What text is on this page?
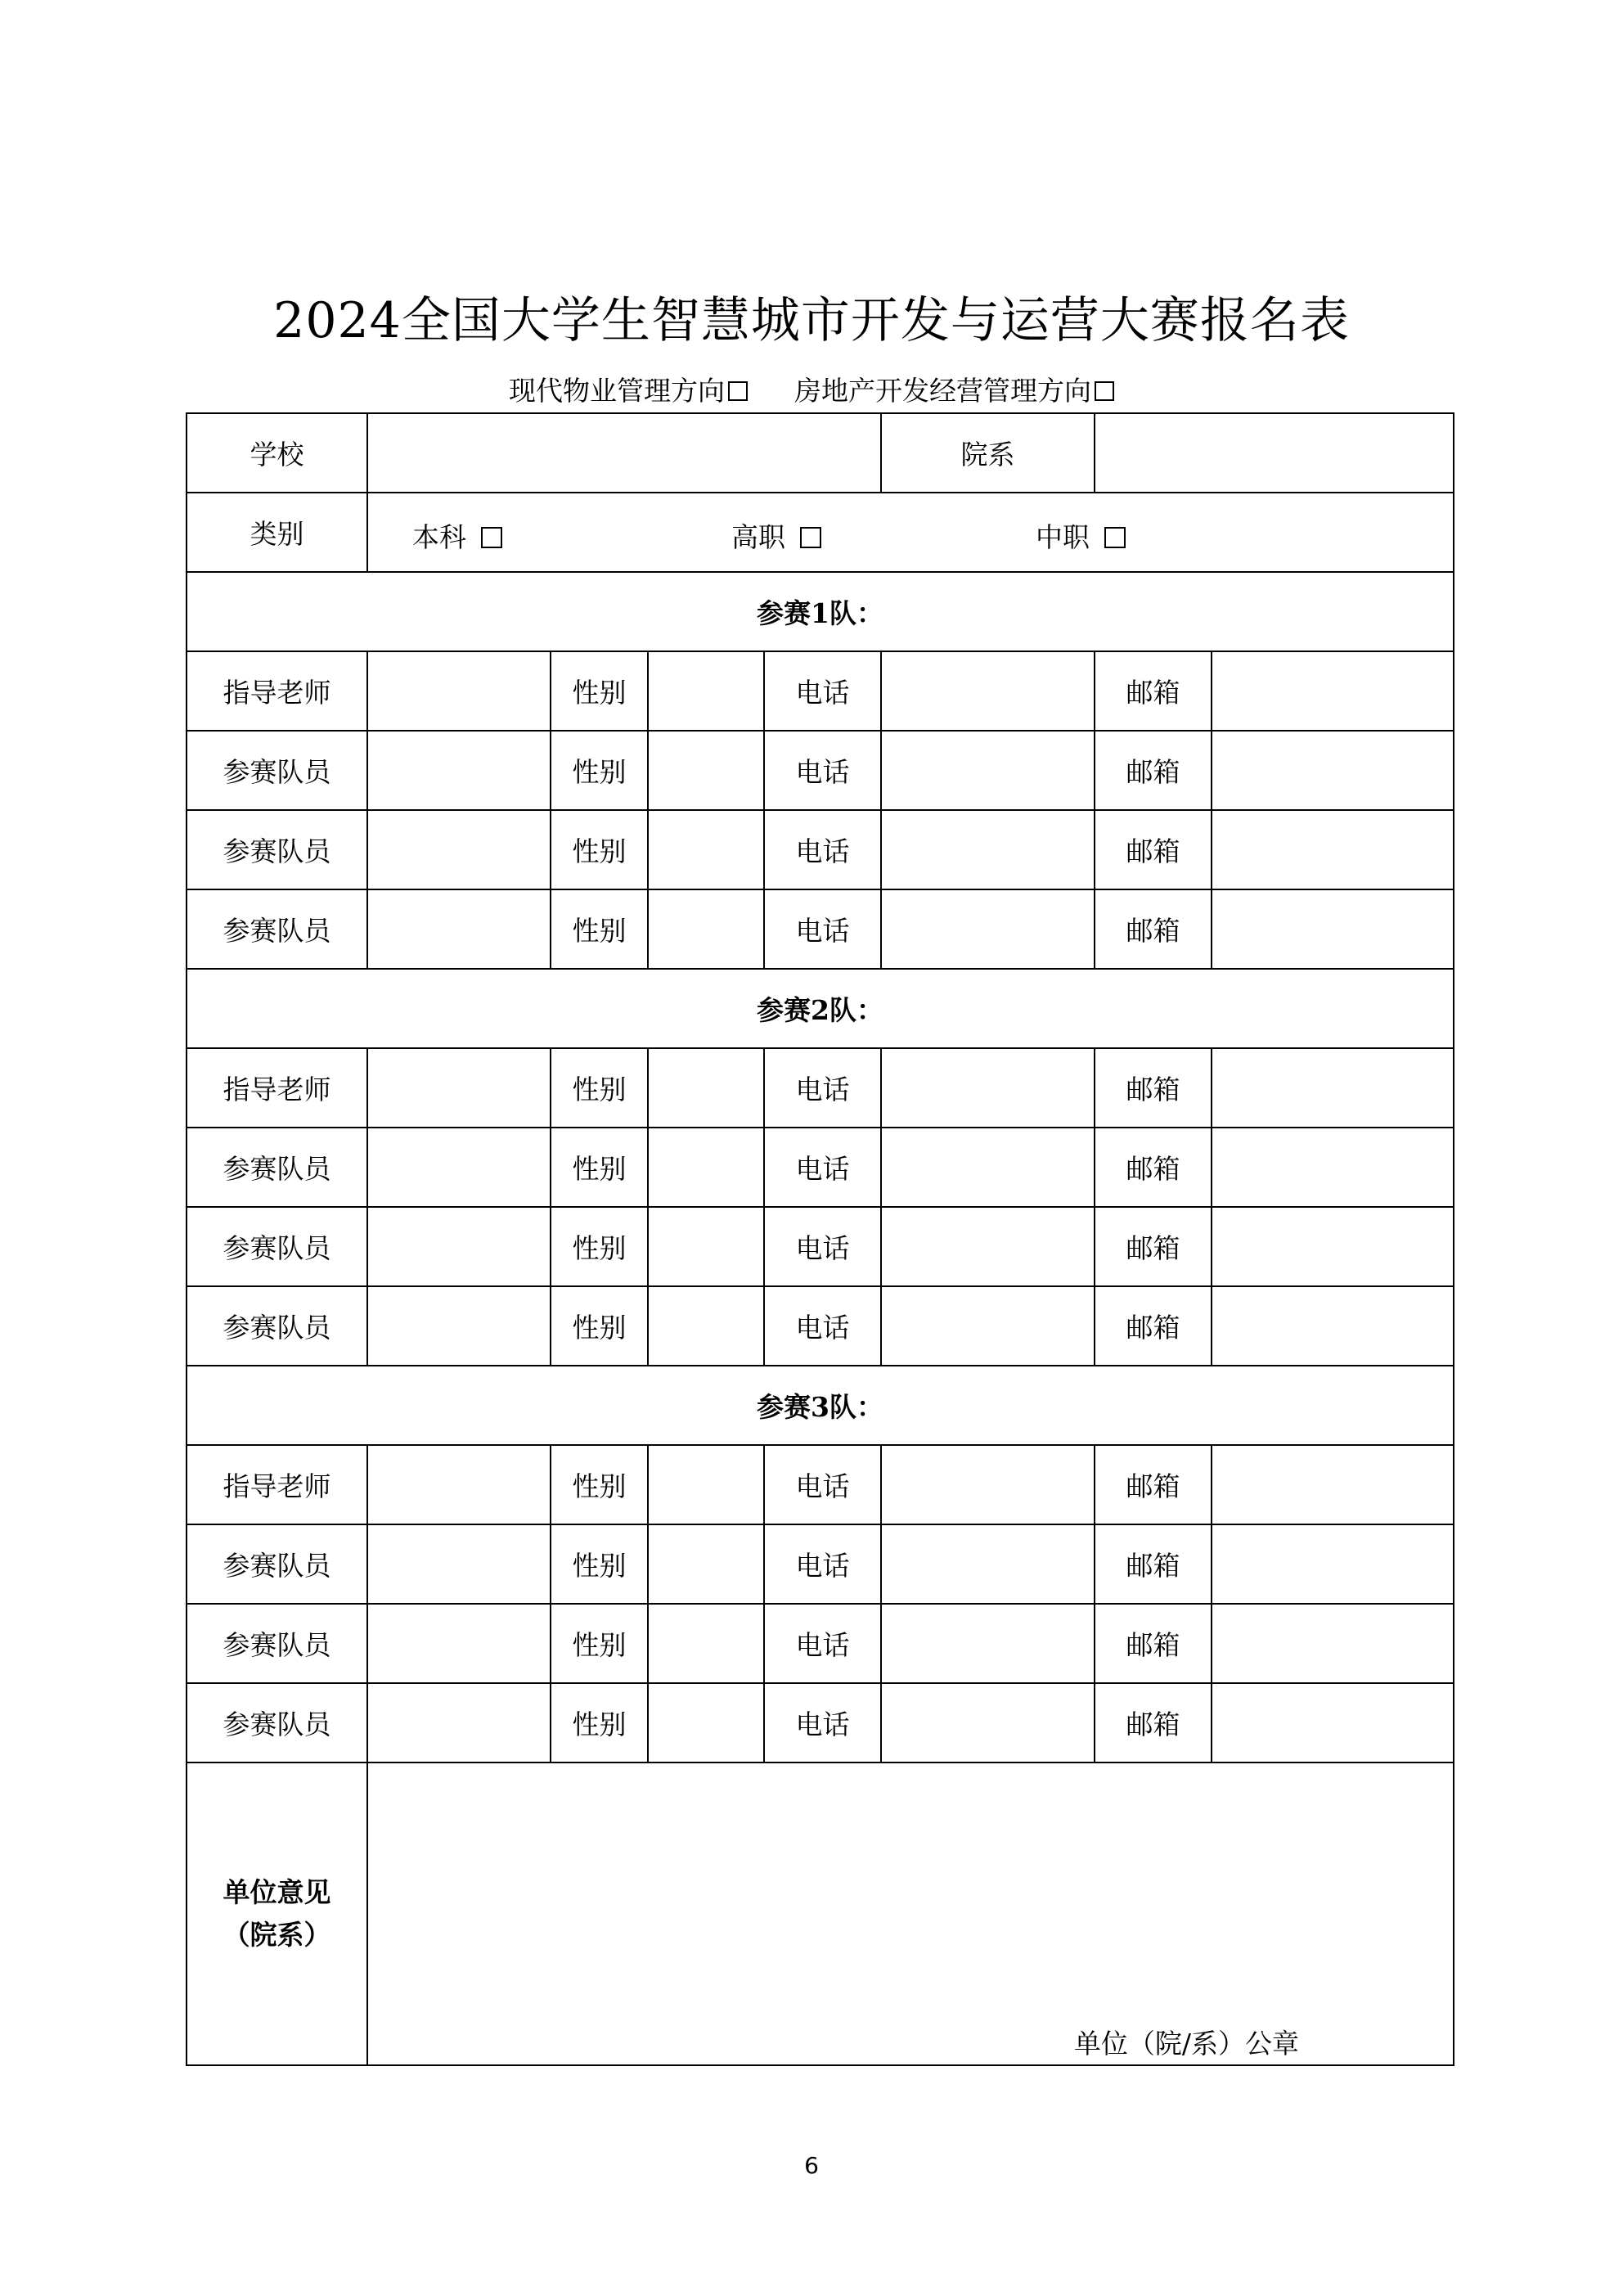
2024全国大学生智慧城市开发与运营大赛报名表
现代物业管理方向	房地产开发经营管理方向
学校					院系		
类别	本科 高职 中职						

参赛1队：							
指导老师		性别		电话		邮箱	
参赛队员		性别		电话		邮箱	
参赛队员		性别		电话		邮箱	
参赛队员		性别		电话		邮箱	
参赛2队：							
指导老师		性别		电话		邮箱	
参赛队员		性别		电话		邮箱	
参赛队员		性别		电话		邮箱	
参赛队员		性别		电话		邮箱	
参赛3队：							
指导老师		性别		电话		邮箱	
参赛队员		性别		电话		邮箱	
参赛队员		性别		电话		邮箱	
参赛队员		性别		电话		邮箱	

单位意见
（院系）	单位（院/系）公章						
6
